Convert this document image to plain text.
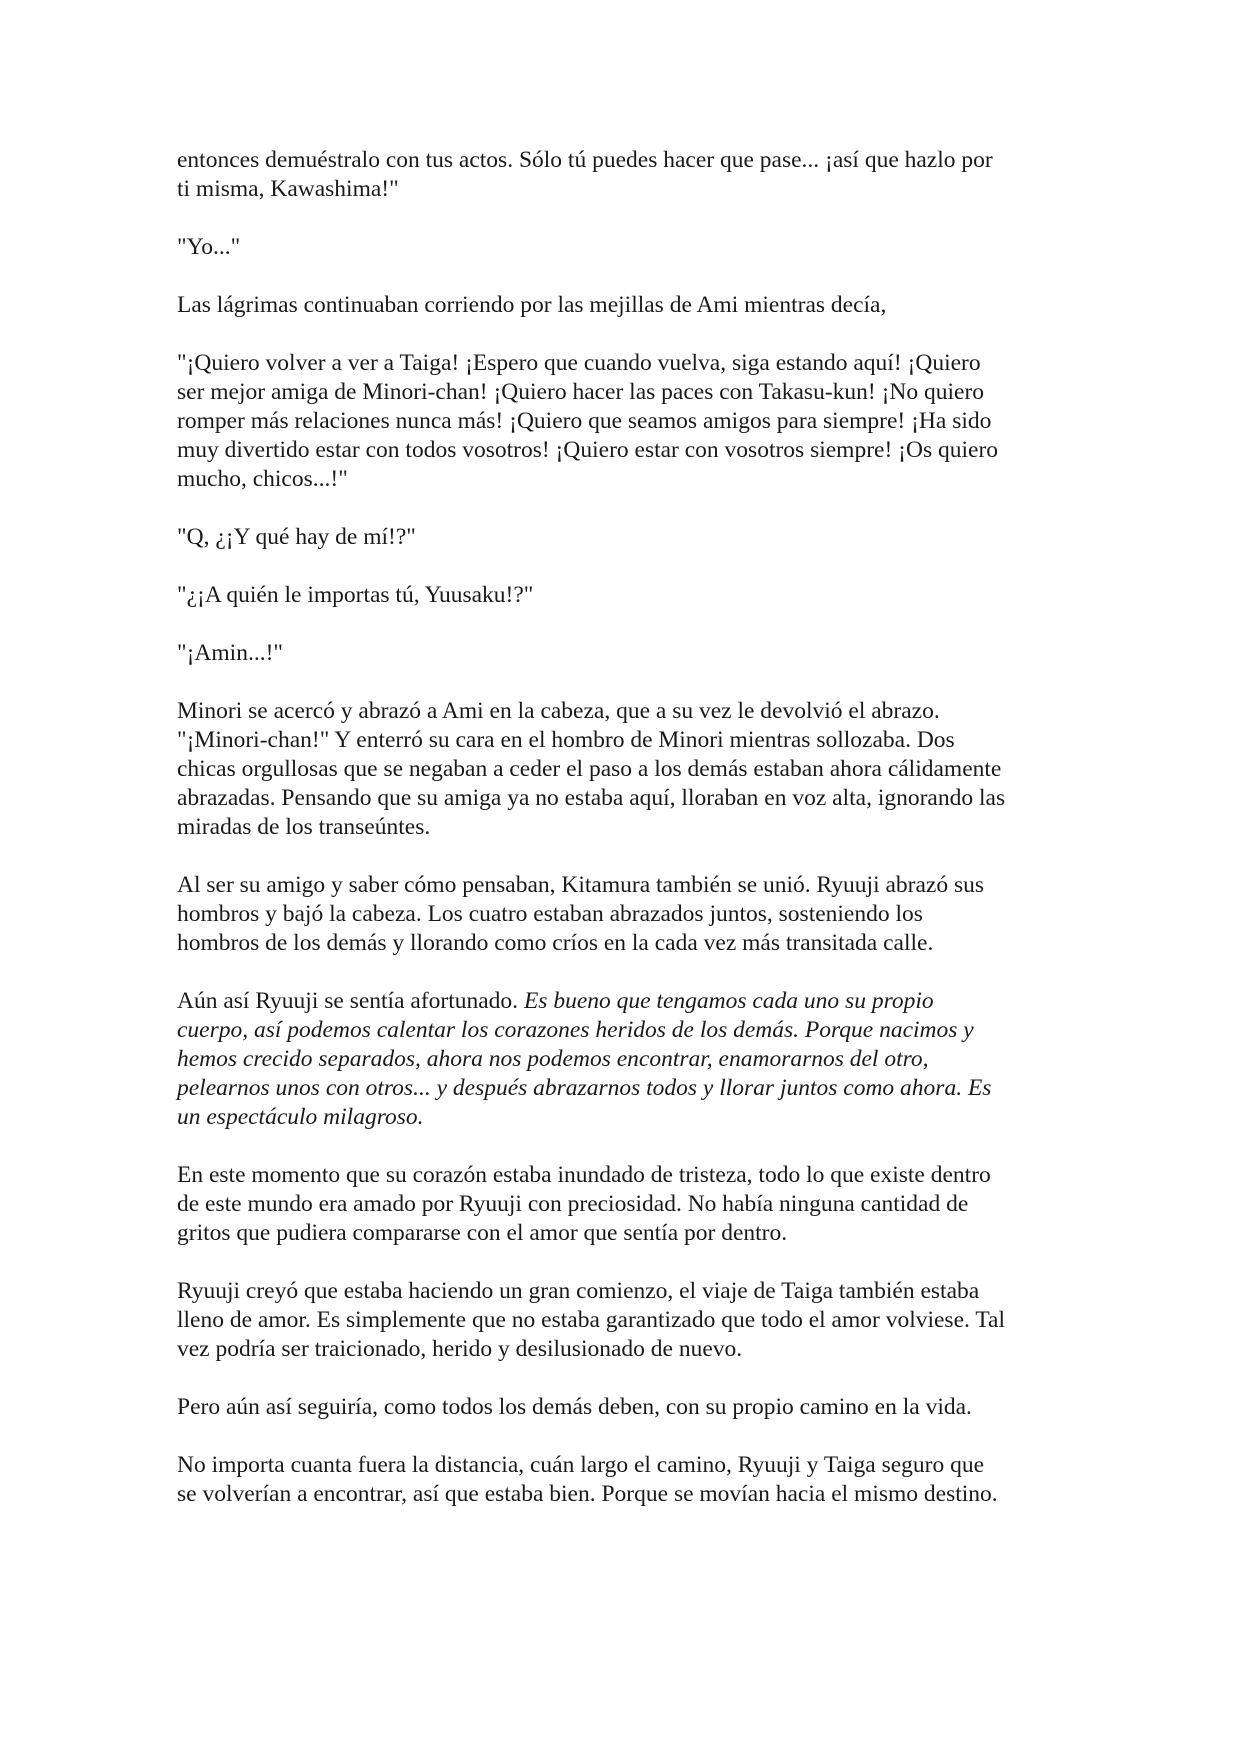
entonces demuéstralo con tus actos. Sólo tú puedes hacer que pase... ¡así que hazlo por
ti misma, Kawashima!"

"Yo..."

Las lágrimas continuaban corriendo por las mejillas de Ami mientras decía,

"¡Quiero volver a ver a Taiga! ¡Espero que cuando vuelva, siga estando aquí! ¡Quiero
ser mejor amiga de Minori-chan! ¡Quiero hacer las paces con Takasu-kun! ¡No quiero
romper más relaciones nunca más! ¡Quiero que seamos amigos para siempre! ¡Ha sido
muy divertido estar con todos vosotros! ¡Quiero estar con vosotros siempre! ¡Os quiero
mucho, chicos...!"

"Q, ¿¡Y qué hay de mí!?"

"¿¡A quién le importas tú, Yuusaku!?"

"¡Amin...!"

Minori se acercó y abrazó a Ami en la cabeza, que a su vez le devolvió el abrazo.
"¡Minori-chan!" Y enterró su cara en el hombro de Minori mientras sollozaba. Dos
chicas orgullosas que se negaban a ceder el paso a los demás estaban ahora cálidamente
abrazadas. Pensando que su amiga ya no estaba aquí, lloraban en voz alta, ignorando las
miradas de los transeúntes.

Al ser su amigo y saber cómo pensaban, Kitamura también se unió. Ryuuji abrazó sus
hombros y bajó la cabeza. Los cuatro estaban abrazados juntos, sosteniendo los
hombros de los demás y llorando como críos en la cada vez más transitada calle.

Aún así Ryuuji se sentía afortunado. Es bueno que tengamos cada uno su propio
cuerpo, así podemos calentar los corazones heridos de los demás. Porque nacimos y
hemos crecido separados, ahora nos podemos encontrar, enamorarnos del otro,
pelearnos unos con otros... y después abrazarnos todos y llorar juntos como ahora. Es
un espectáculo milagroso.

En este momento que su corazón estaba inundado de tristeza, todo lo que existe dentro
de este mundo era amado por Ryuuji con preciosidad. No había ninguna cantidad de
gritos que pudiera compararse con el amor que sentía por dentro.

Ryuuji creyó que estaba haciendo un gran comienzo, el viaje de Taiga también estaba
lleno de amor. Es simplemente que no estaba garantizado que todo el amor volviese. Tal
vez podría ser traicionado, herido y desilusionado de nuevo.

Pero aún así seguiría, como todos los demás deben, con su propio camino en la vida.

No importa cuanta fuera la distancia, cuán largo el camino, Ryuuji y Taiga seguro que
se volverían a encontrar, así que estaba bien. Porque se movían hacia el mismo destino.
